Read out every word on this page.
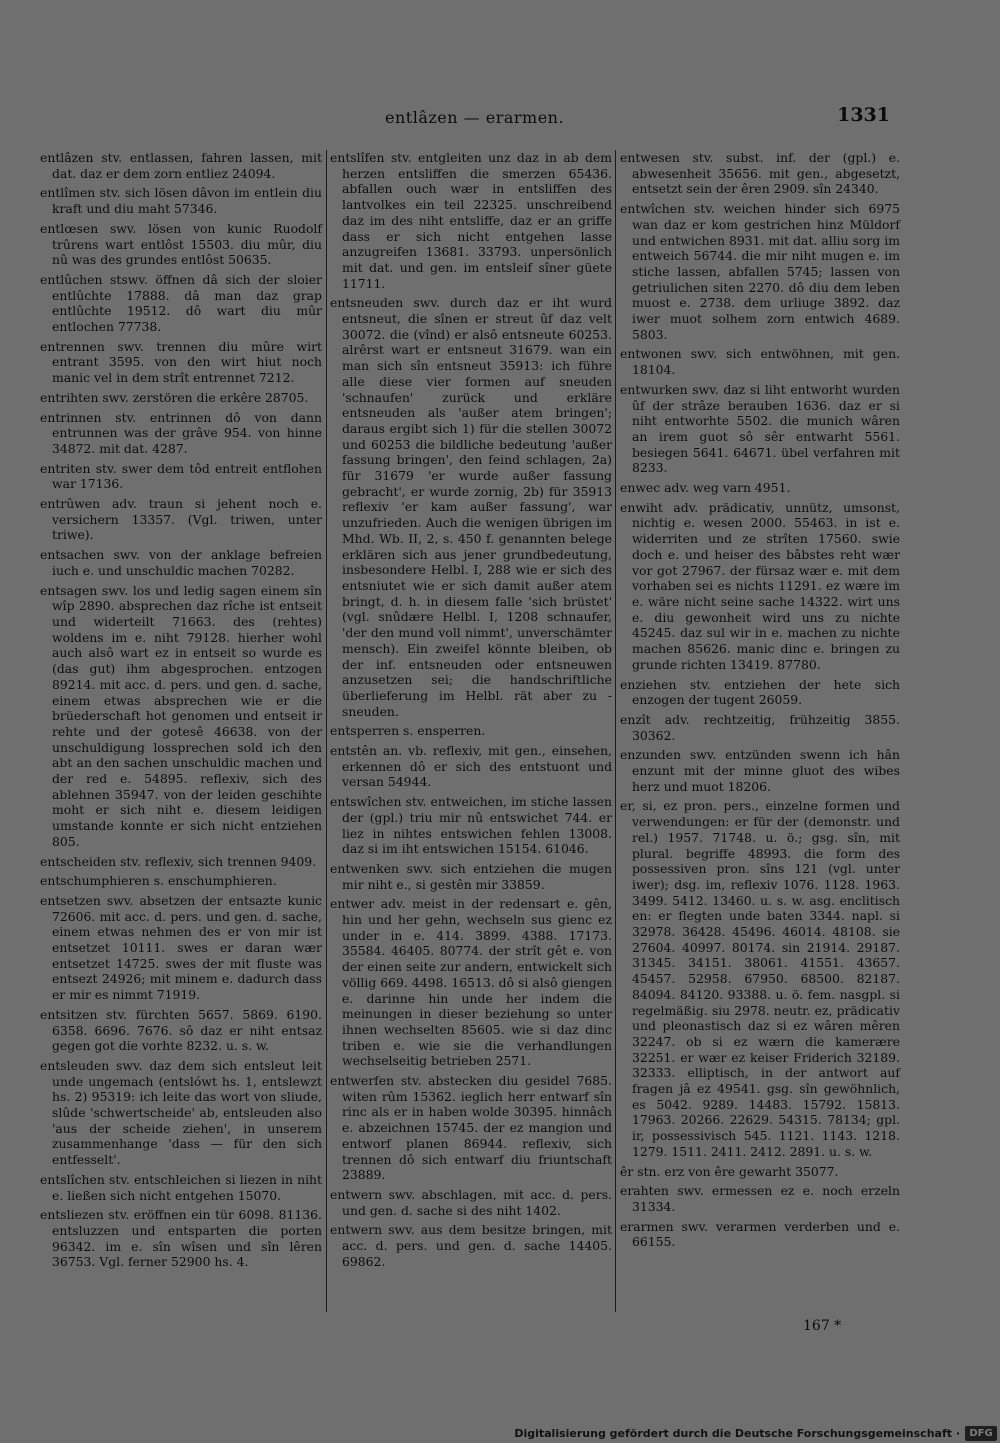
entlâzen — erarmen.	1331
entlâzen stv. entlassen, fahren lassen, mit dat. daz er dem zorn entliez 24094.
entlîmen stv. sich lösen dâvon im entlein diu kraft und diu maht 57346.
entlœsen swv. lösen von kunic Ruodolf trûrens wart entlôst 15503. diu mûr, diu nû was des grundes entlôst 50635.
entlûchen stswv. öffnen dâ sich der sloier entlûchte 17888. dâ man daz grap entlûchte 19512. dô wart diu mûr entlochen 77738.
entrennen swv. trennen diu mûre wirt entrant 3595. von den wirt hiut noch manic vel in dem strît entrennet 7212.
entrihten swv. zerstören die erkêre 28705.
entrinnen stv. entrinnen dô von dann entrunnen was der grâve 954. von hinne 34872. mit dat. 4287.
entriten stv. swer dem tôd entreit entflohen war 17136.
entrûwen adv. traun si jehent noch e. versichern 13357. (Vgl. triwen, unter triwe).
entsachen swv. von der anklage befreien iuch e. und unschuldic machen 70282.
entsagen swv. los und ledig sagen einem sîn wîp 2890. absprechen daz rîche ist entseit und widerteilt 71663. des (rehtes) woldens im e. niht 79128. hierher wohl auch alsô wart ez in entseit so wurde es (das gut) ihm abgesprochen. entzogen 89214. mit acc. d. pers. und gen. d. sache, einem etwas absprechen wie er die brüederschaft hot genomen und entseit ir rehte und der gotesê 46638. von der unschuldigung lossprechen sold ich den abt an den sachen unschuldic machen und der red e. 54895. reflexiv, sich des ablehnen 35947. von der leiden geschihte moht er sich niht e. diesem leidigen umstande konnte er sich nicht entziehen 805.
entscheiden stv. reflexiv, sich trennen 9409.
entschumphieren s. enschumphieren.
entsetzen swv. absetzen der entsazte kunic 72606. mit acc. d. pers. und gen. d. sache, einem etwas nehmen des er von mir ist entsetzet 10111. swes er daran wær entsetzet 14725. swes der mit fluste was entsezt 24926; mit minem e. dadurch dass er mir es nimmt 71919.
entsitzen stv. fürchten 5657. 5869. 6190. 6358. 6696. 7676. sô daz er niht entsaz gegen got die vorhte 8232. u. s. w.
entsleuden swv. daz dem sich entsleut leit unde ungemach (entslówt hs. 1, entslewzt hs. 2) 95319: ich leite das wort von sliude, slûde 'schwertscheide' ab, entsleuden also 'aus der scheide ziehen', in unserem zusammenhange 'dass — für den sich entfesselt'.
entslîchen stv. entschleichen si liezen in niht e. ließen sich nicht entgehen 15070.
entsliezen stv. eröffnen ein tür 6098. 81136. entsluzzen und entsparten die porten 96342. im e. sîn wîsen und sîn lêren 36753. Vgl. ferner 52900 hs. 4.
entslîfen stv. entgleiten unz daz in ab dem herzen entsliffen die smerzen 65436. abfallen ouch wær in entsliffen des lantvolkes ein teil 22325. unschreibend daz im des niht entsliffe, daz er an griffe dass er sich nicht entgehen lasse anzugreifen 13681. 33793. unpersönlich mit dat. und gen. im entsleif sîner güete 11711.
entsneuden swv. durch daz er iht wurd entsneut, die sînen er streut ûf daz velt 30072. die (vînd) er alsô entsneute 60253. alrêrst wart er entsneut 31679. wan ein man sich sîn entsneut 35913: ich führe alle diese vier formen auf sneuden 'schnaufen' zurück und erkläre entsneuden als 'außer atem bringen'; daraus ergibt sich 1) für die stellen 30072 und 60253 die bildliche bedeutung 'außer fassung bringen', den feind schlagen, 2a) für 31679 'er wurde außer fassung gebracht', er wurde zornig, 2b) für 35913 reflexiv 'er kam außer fassung', war unzufrieden. Auch die wenigen übrigen im Mhd. Wb. II, 2, s. 450 f. genannten belege erklären sich aus jener grundbedeutung, insbesondere Helbl. I, 288 wie er sich des entsniutet wie er sich damit außer atem bringt, d. h. in diesem falle 'sich brüstet' (vgl. snûdære Helbl. I, 1208 schnaufer, 'der den mund voll nimmt', unverschämter mensch). Ein zweifel könnte bleiben, ob der inf. entsneuden oder entsneuwen anzusetzen sei; die handschriftliche überlieferung im Helbl. rät aber zu -sneuden.
entsperren s. ensperren.
entstên an. vb. reflexiv, mit gen., einsehen, erkennen dô er sich des entstuont und versan 54944.
entswîchen stv. entweichen, im stiche lassen der (gpl.) triu mir nû entswichet 744. er liez in nihtes entswichen fehlen 13008. daz si im iht entswichen 15154. 61046.
entwenken swv. sich entziehen die mugen mir niht e., si gestên mir 33859.
entwer adv. meist in der redensart e. gên, hin und her gehn, wechseln sus gienc ez under in e. 414. 3899. 4388. 17173. 35584. 46405. 80774. der strît gêt e. von der einen seite zur andern, entwickelt sich völlig 669. 4498. 16513. dô si alsô giengen e. darinne hin unde her indem die meinungen in dieser beziehung so unter ihnen wechselten 85605. wie si daz dinc triben e. wie sie die verhandlungen wechselseitig betrieben 2571.
entwerfen stv. abstecken diu gesidel 7685. witen rûm 15362. ieglich herr entwarf sîn rinc als er in haben wolde 30395. hinnâch e. abzeichnen 15745. der ez mangion und entworf planen 86944. reflexiv, sich trennen dô sich entwarf diu friuntschaft 23889.
entwern swv. abschlagen, mit acc. d. pers. und gen. d. sache si des niht 1402.
entwern swv. aus dem besitze bringen, mit acc. d. pers. und gen. d. sache 14405. 69862.
entwesen stv. subst. inf. der (gpl.) e. abwesenheit 35656. mit gen., abgesetzt, entsetzt sein der êren 2909. sîn 24340.
entwîchen stv. weichen hinder sich 6975 wan daz er kom gestrichen hinz Müldorf und entwichen 8931. mit dat. alliu sorg im entweich 56744. die mir niht mugen e. im stiche lassen, abfallen 5745; lassen von getriulichen siten 2270. dô diu dem leben muost e. 2738. dem urliuge 3892. daz iwer muot solhem zorn entwich 4689. 5803.
entwonen swv. sich entwöhnen, mit gen. 18104.
entwurken swv. daz si liht entworht wurden ûf der strâze berauben 1636. daz er si niht entworhte 5502. die munich wâren an irem guot sô sêr entwarht 5561. besiegen 5641. 64671. übel verfahren mit 8233.
enwec adv. weg varn 4951.
enwiht adv. prädicativ, unnütz, umsonst, nichtig e. wesen 2000. 55463. in ist e. widerriten und ze strîten 17560. swie doch e. und heiser des bâbstes reht wær vor got 27967. der fürsaz wær e. mit dem vorhaben sei es nichts 11291. ez wære im e. wäre nicht seine sache 14322. wirt uns e. diu gewonheit wird uns zu nichte 45245. daz sul wir in e. machen zu nichte machen 85626. manic dinc e. bringen zu grunde richten 13419. 87780.
enziehen stv. entziehen der hete sich enzogen der tugent 26059.
enzît adv. rechtzeitig, frühzeitig 3855. 30362.
enzunden swv. entzünden swenn ich hân enzunt mit der minne gluot des wibes herz und muot 18206.
er, si, ez pron. pers., einzelne formen und verwendungen: er für der (demonstr. und rel.) 1957. 71748. u. ö.; gsg. sîn, mit plural. begriffe 48993. die form des possessiven pron. sîns 121 (vgl. unter iwer); dsg. im, reflexiv 1076. 1128. 1963. 3499. 5412. 13460. u. s. w. asg. enclitisch en: er flegten unde baten 3344. napl. si 32978. 36428. 45496. 46014. 48108. sie 27604. 40997. 80174. sin 21914. 29187. 31345. 34151. 38061. 41551. 43657. 45457. 52958. 67950. 68500. 82187. 84094. 84120. 93388. u. ö. fem. nasgpl. si regelmäßig. siu 2978. neutr. ez, prädicativ und pleonastisch daz si ez wâren mêren 32247. ob si ez wærn die kamerære 32251. er wær ez keiser Friderich 32189. 32333. elliptisch, in der antwort auf fragen jâ ez 49541. gsg. sîn gewöhnlich, es 5042. 9289. 14483. 15792. 15813. 17963. 20266. 22629. 54315. 78134; gpl. ir, possessivisch 545. 1121. 1143. 1218. 1279. 1511. 2411. 2412. 2891. u. s. w.
êr stn. erz von êre gewarht 35077.
erahten swv. ermessen ez e. noch erzeln 31334.
erarmen swv. verarmen verderben und e. 66155.
167 *
Digitalisierung gefördert durch die Deutsche Forschungsgemeinschaft · DFG
